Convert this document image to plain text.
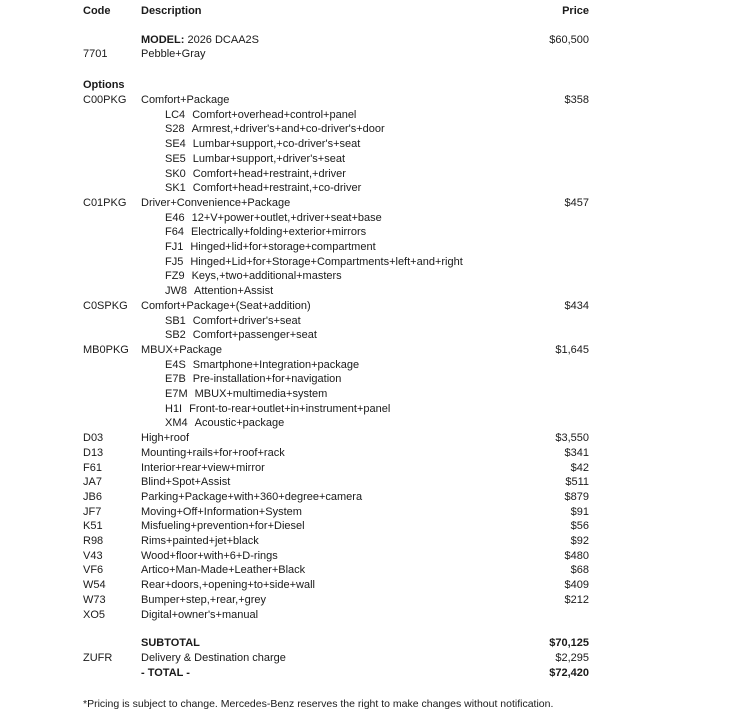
Code	Description	Price
MODEL: 2026 DCAA2S	$60,500
7701	Pebble+Gray
Options
C00PKG Comfort+Package	$358
LC4 Comfort+overhead+control+panel
S28 Armrest,+driver's+and+co-driver's+door
SE4 Lumbar+support,+co-driver's+seat
SE5 Lumbar+support,+driver's+seat
SK0 Comfort+head+restraint,+driver
SK1 Comfort+head+restraint,+co-driver
C01PKG Driver+Convenience+Package	$457
E46 12+V+power+outlet,+driver+seat+base
F64 Electrically+folding+exterior+mirrors
FJ1 Hinged+lid+for+storage+compartment
FJ5 Hinged+Lid+for+Storage+Compartments+left+and+right
FZ9 Keys,+two+additional+masters
JW8 Attention+Assist
C0SPKG Comfort+Package+(Seat+addition)	$434
SB1 Comfort+driver's+seat
SB2 Comfort+passenger+seat
MB0PKG MBUX+Package	$1,645
E4S Smartphone+Integration+package
E7B Pre-installation+for+navigation
E7M MBUX+multimedia+system
H1I Front-to-rear+outlet+in+instrument+panel
XM4 Acoustic+package
D03	High+roof	$3,550
D13	Mounting+rails+for+roof+rack	$341
F61	Interior+rear+view+mirror	$42
JA7	Blind+Spot+Assist	$511
JB6	Parking+Package+with+360+degree+camera	$879
JF7	Moving+Off+Information+System	$91
K51	Misfueling+prevention+for+Diesel	$56
R98	Rims+painted+jet+black	$92
V43	Wood+floor+with+6+D-rings	$480
VF6	Artico+Man-Made+Leather+Black	$68
W54	Rear+doors,+opening+to+side+wall	$409
W73	Bumper+step,+rear,+grey	$212
XO5	Digital+owner's+manual
SUBTOTAL	$70,125
ZUFR	Delivery & Destination charge	$2,295
- TOTAL -	$72,420
*Pricing is subject to change. Mercedes-Benz reserves the right to make changes without notification.
